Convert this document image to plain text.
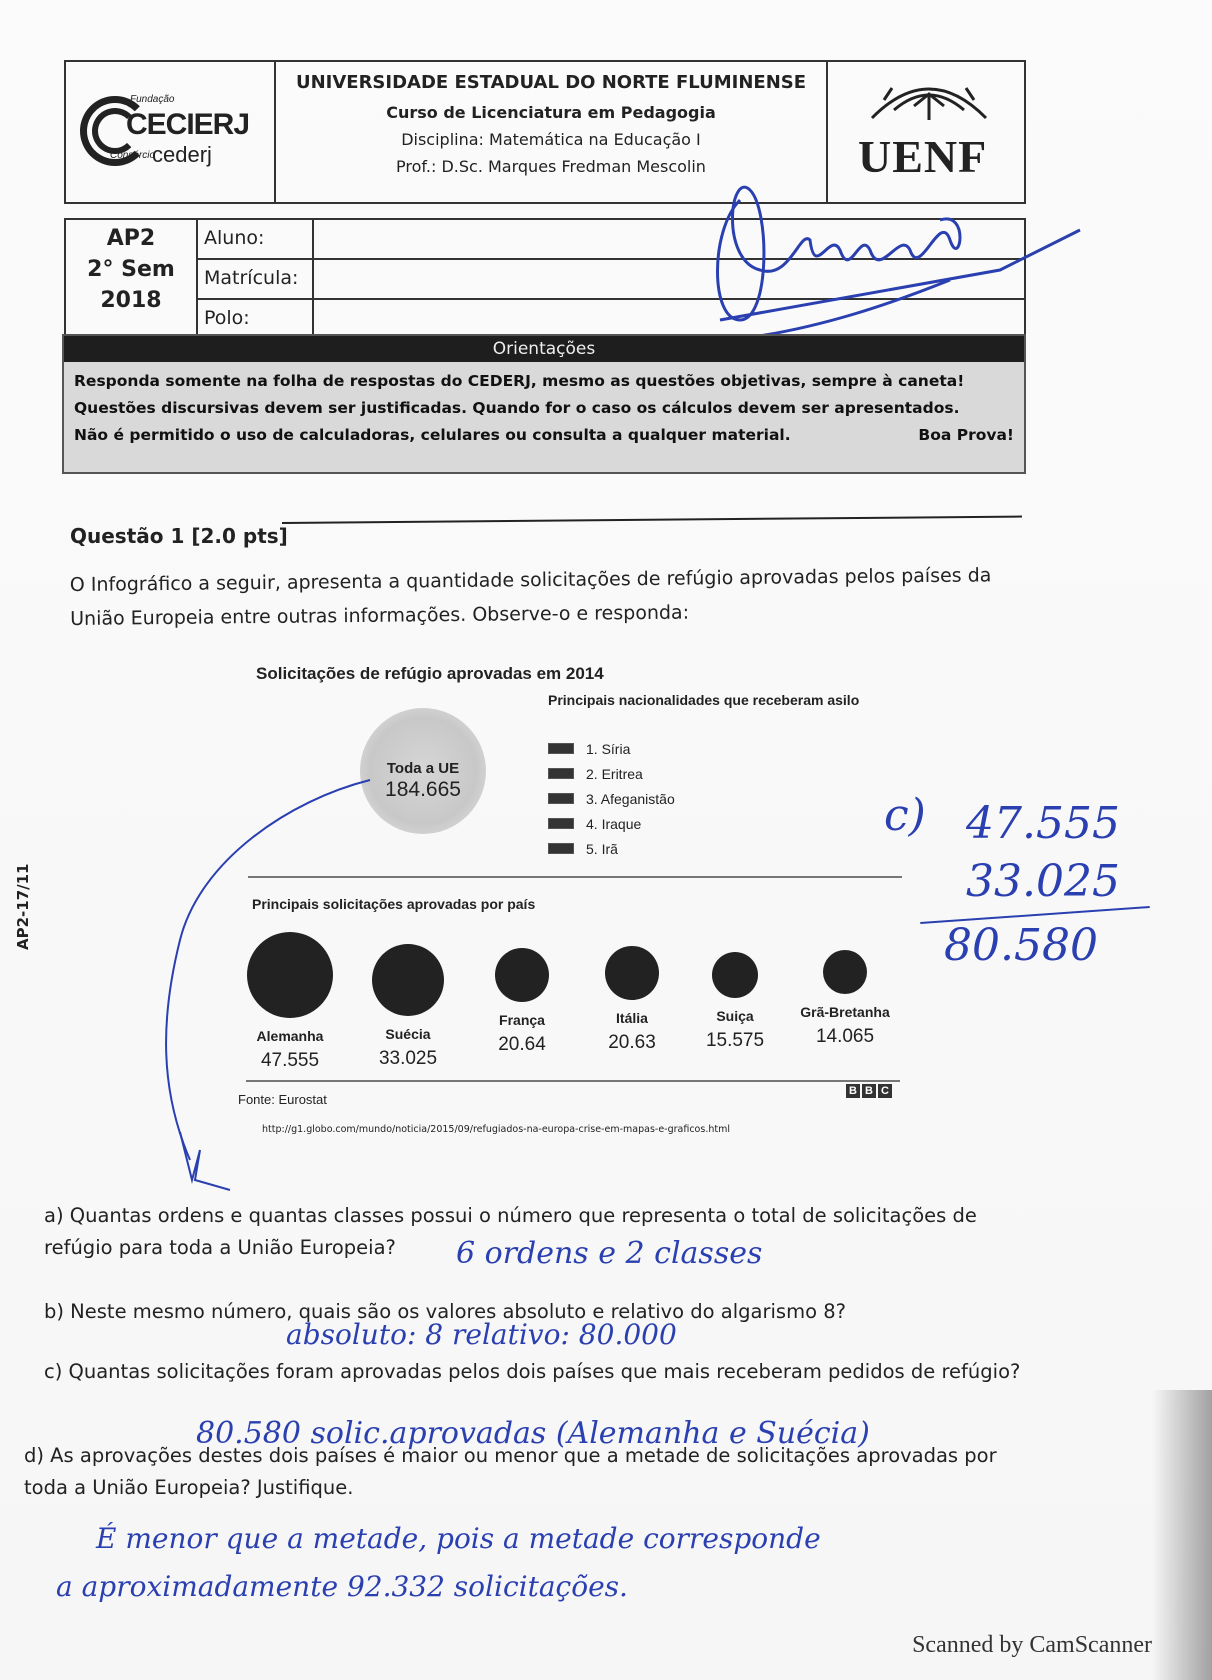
Fundação
CECIERJ
Consórcio
cederj
UNIVERSIDADE ESTADUAL DO NORTE FLUMINENSE
Curso de Licenciatura em Pedagogia
Disciplina: Matemática na Educação I
Prof.: D.Sc. Marques Fredman Mescolin	UENF
AP2
2° Sem
2018
Aluno:
Matrícula:
Polo:
Orientações
Responda somente na folha de respostas do CEDERJ, mesmo as questões objetivas, sempre à caneta!
Questões discursivas devem ser justificadas. Quando for o caso os cálculos devem ser apresentados.
Não é permitido o uso de calculadoras, celulares ou consulta a qualquer material.	Boa Prova!
Questão 1 [2.0 pts]
O Infográfico a seguir, apresenta a quantidade solicitações de refúgio aprovadas pelos países da União Europeia entre outras informações. Observe-o e responda:
Solicitações de refúgio aprovadas em 2014
Toda a UE
184.665
Principais nacionalidades que receberam asilo
1. Síria
2. Eritrea
3. Afeganistão
4. Iraque
5. Irã
Principais solicitações aprovadas por país
Alemanha
47.555
Suécia
33.025
França
20.64
Itália
20.63
Suiça
15.575
Grã-Bretanha
14.065
Fonte: Eurostat
B B C
http://g1.globo.com/mundo/noticia/2015/09/refugiados-na-europa-crise-em-mapas-e-graficos.html
c) 47.555
33.025
80.580
a) Quantas ordens e quantas classes possui o número que representa o total de solicitações de refúgio para toda a União Europeia?	6 ordens e 2 classes
b) Neste mesmo número, quais são os valores absoluto e relativo do algarismo 8?
absoluto: 8 relativo: 80.000
c) Quantas solicitações foram aprovadas pelos dois países que mais receberam pedidos de refúgio?
80.580 solic.aprovadas (Alemanha e Suécia)
d) As aprovações destes dois países é maior ou menor que a metade de solicitações aprovadas por toda a União Europeia? Justifique.
É menor que a metade, pois a metade corresponde
a aproximadamente 92.332 solicitações.
AP2-17/11
Scanned by CamScanner
